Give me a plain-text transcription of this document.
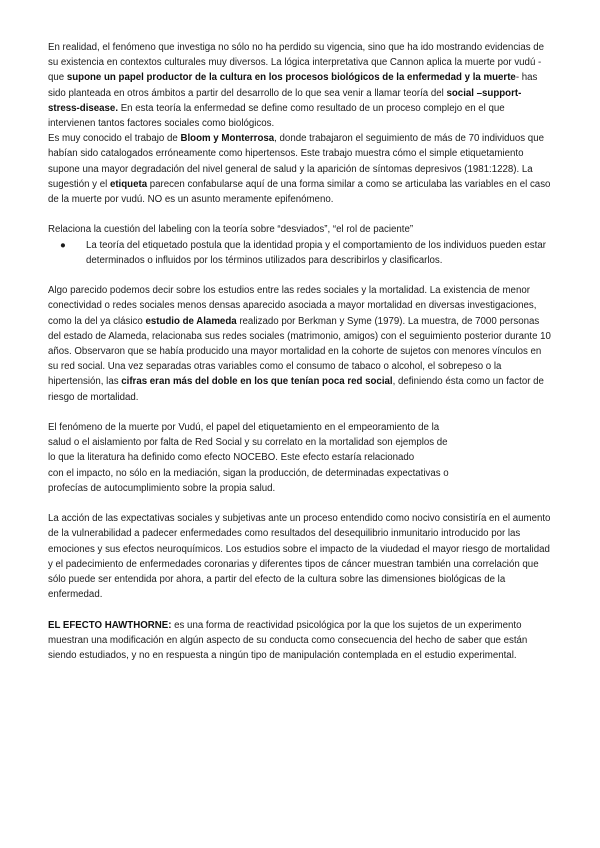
En realidad, el fenómeno que investiga no sólo no ha perdido su vigencia, sino que ha ido mostrando evidencias de su existencia en contextos culturales muy diversos. La lógica interpretativa que Cannon aplica la muerte por vudú -que supone un papel productor de la cultura en los procesos biológicos de la enfermedad y la muerte- has sido planteada en otros ámbitos a partir del desarrollo de lo que sea venir a llamar teoría del social –support-stress-disease. En esta teoría la enfermedad se define como resultado de un proceso complejo en el que intervienen tantos factores sociales como biológicos.

Es muy conocido el trabajo de Bloom y Monterrosa, donde trabajaron el seguimiento de más de 70 individuos que habían sido catalogados erróneamente como hipertensos. Este trabajo muestra cómo el simple etiquetamiento supone una mayor degradación del nivel general de salud y la aparición de síntomas depresivos (1981:1228). La sugestión y el etiqueta parecen confabularse aquí de una forma similar a como se articulaba las variables en el caso de la muerte por vudú. NO es un asunto meramente epifenómeno.

Relaciona la cuestión del labeling con la teoría sobre “desviados”, “el rol de paciente”

● La teoría del etiquetado postula que la identidad propia y el comportamiento de los individuos pueden estar determinados o influidos por los términos utilizados para describirlos y clasificarlos.

Algo parecido podemos decir sobre los estudios entre las redes sociales y la mortalidad. La existencia de menor conectividad o redes sociales menos densas aparecido asociada a mayor mortalidad en diversas investigaciones, como la del ya clásico estudio de Alameda realizado por Berkman y Syme (1979). La muestra, de 7000 personas del estado de Alameda, relacionaba sus redes sociales (matrimonio, amigos) con el seguimiento posterior durante 10 años. Observaron que se había producido una mayor mortalidad en la cohorte de sujetos con menores vínculos en su red social. Una vez separadas otras variables como el consumo de tabaco o alcohol, el sobrepeso o la hipertensión, las cifras eran más del doble en los que tenían poca red social, definiendo ésta como un factor de riesgo de mortalidad.

El fenómeno de la muerte por Vudú, el papel del etiquetamiento en el empeoramiento de la
salud o el aislamiento por falta de Red Social y su correlato en la mortalidad son ejemplos de
lo que la literatura ha definido como efecto NOCEBO. Este efecto estaría relacionado
con el impacto, no sólo en la mediación, sigan la producción, de determinadas expectativas o
profecías de autocumplimiento sobre la propia salud.

La acción de las expectativas sociales y subjetivas ante un proceso entendido como nocivo consistiría en el aumento de la vulnerabilidad a padecer enfermedades como resultados del desequilibrio inmunitario introducido por las emociones y sus efectos neuroquímicos. Los estudios sobre el impacto de la viudedad el mayor riesgo de mortalidad y el padecimiento de enfermedades coronarias y diferentes tipos de cáncer muestran también una correlación que sólo puede ser entendida por ahora, a partir del efecto de la cultura sobre las dimensiones biológicas de la enfermedad.

EL EFECTO HAWTHORNE: es una forma de reactividad psicológica por la que los sujetos de un experimento muestran una modificación en algún aspecto de su conducta como consecuencia del hecho de saber que están siendo estudiados, y no en respuesta a ningún tipo de manipulación contemplada en el estudio experimental.
